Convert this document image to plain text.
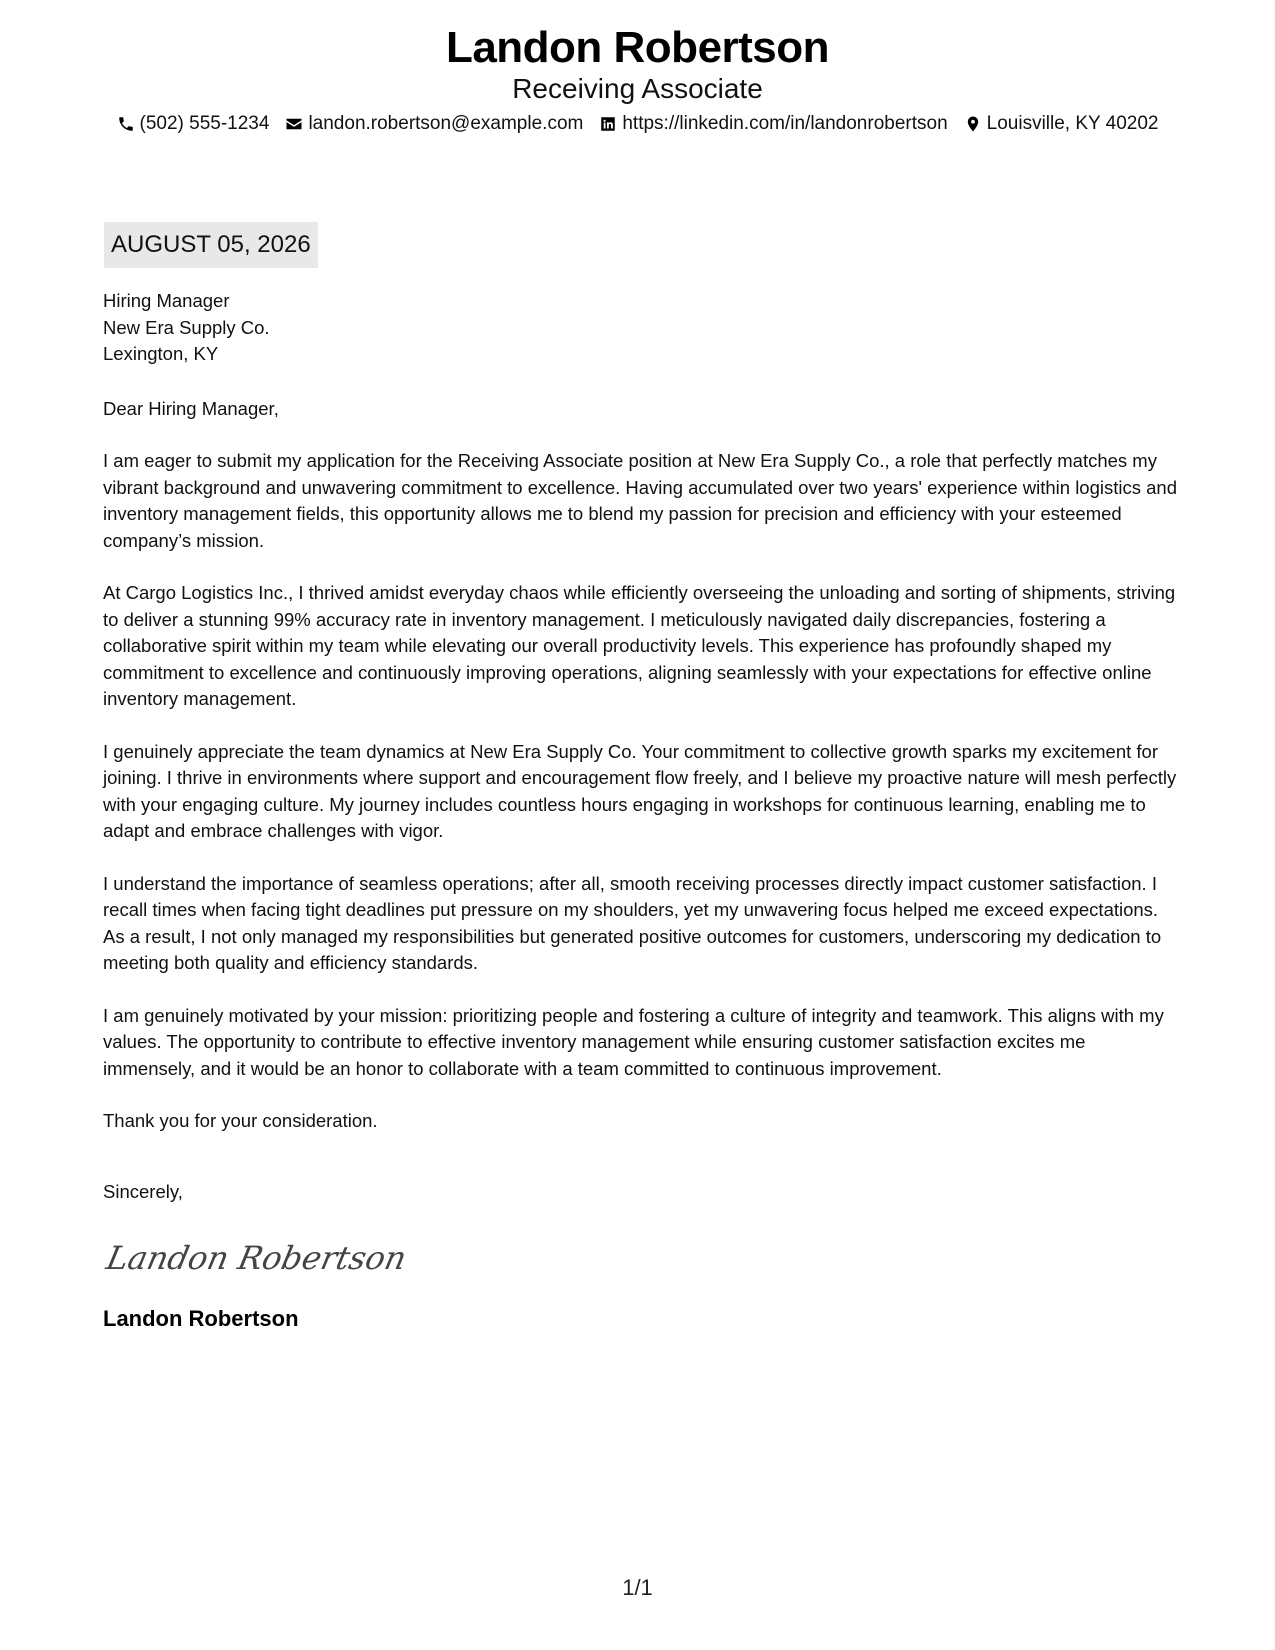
Landon Robertson
Receiving Associate
(502) 555-1234 landon.robertson@example.com https://linkedin.com/in/landonrobertson Louisville, KY 40202
AUGUST 05, 2026
Hiring Manager
New Era Supply Co.
Lexington, KY
Dear Hiring Manager,
I am eager to submit my application for the Receiving Associate position at New Era Supply Co., a role that perfectly matches my vibrant background and unwavering commitment to excellence. Having accumulated over two years' experience within logistics and inventory management fields, this opportunity allows me to blend my passion for precision and efficiency with your esteemed company’s mission.
At Cargo Logistics Inc., I thrived amidst everyday chaos while efficiently overseeing the unloading and sorting of shipments, striving to deliver a stunning 99% accuracy rate in inventory management. I meticulously navigated daily discrepancies, fostering a collaborative spirit within my team while elevating our overall productivity levels. This experience has profoundly shaped my commitment to excellence and continuously improving operations, aligning seamlessly with your expectations for effective online inventory management.
I genuinely appreciate the team dynamics at New Era Supply Co. Your commitment to collective growth sparks my excitement for joining. I thrive in environments where support and encouragement flow freely, and I believe my proactive nature will mesh perfectly with your engaging culture. My journey includes countless hours engaging in workshops for continuous learning, enabling me to adapt and embrace challenges with vigor.
I understand the importance of seamless operations; after all, smooth receiving processes directly impact customer satisfaction. I recall times when facing tight deadlines put pressure on my shoulders, yet my unwavering focus helped me exceed expectations. As a result, I not only managed my responsibilities but generated positive outcomes for customers, underscoring my dedication to meeting both quality and efficiency standards.
I am genuinely motivated by your mission: prioritizing people and fostering a culture of integrity and teamwork. This aligns with my values. The opportunity to contribute to effective inventory management while ensuring customer satisfaction excites me immensely, and it would be an honor to collaborate with a team committed to continuous improvement.
Thank you for your consideration.
Sincerely,
Landon Robertson
Landon Robertson
1/1
